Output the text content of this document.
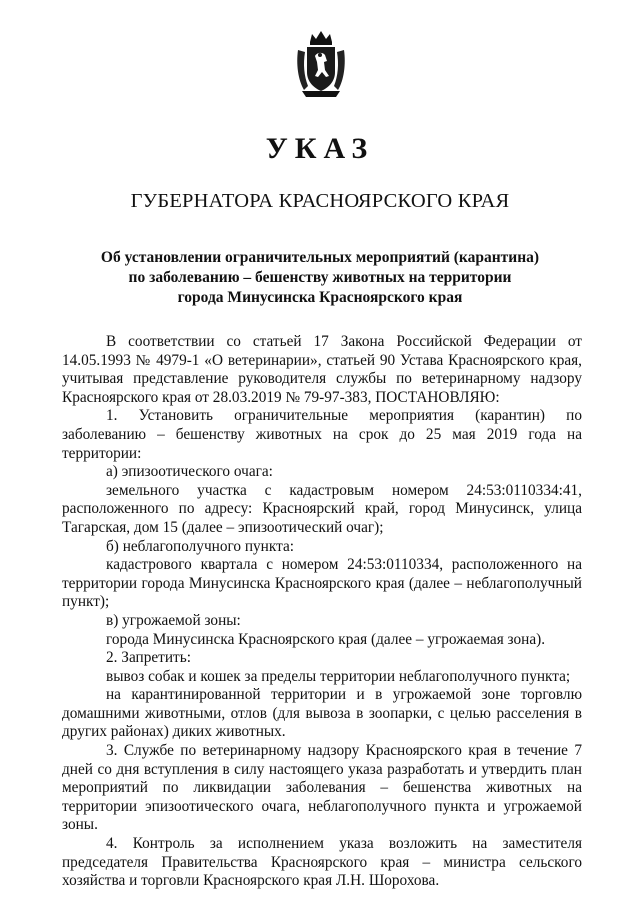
УКАЗ
ГУБЕРНАТОРА КРАСНОЯРСКОГО КРАЯ
Об установлении ограничительных мероприятий (карантина)
по заболеванию – бешенству животных на территории
города Минусинска Красноярского края

В соответствии со статьей 17 Закона Российской Федерации от 14.05.1993 № 4979-1 «О ветеринарии», статьей 90 Устава Красноярского края, учитывая представление руководителя службы по ветеринарному надзору Красноярского края от 28.03.2019 № 79-97-383, ПОСТАНОВЛЯЮ:

1. Установить ограничительные мероприятия (карантин) по заболеванию – бешенству животных на срок до 25 мая 2019 года на территории:

а) эпизоотического очага:

земельного участка с кадастровым номером 24:53:0110334:41, расположенного по адресу: Красноярский край, город Минусинск, улица Тагарская, дом 15 (далее – эпизоотический очаг);

б) неблагополучного пункта:

кадастрового квартала с номером 24:53:0110334, расположенного на территории города Минусинска Красноярского края (далее – неблагополучный пункт);

в) угрожаемой зоны:

города Минусинска Красноярского края (далее – угрожаемая зона).

2. Запретить:

вывоз собак и кошек за пределы территории неблагополучного пункта;

на карантинированной территории и в угрожаемой зоне торговлю домашними животными, отлов (для вывоза в зоопарки, с целью расселения в других районах) диких животных.

3. Службе по ветеринарному надзору Красноярского края в течение 7 дней со дня вступления в силу настоящего указа разработать и утвердить план мероприятий по ликвидации заболевания – бешенства животных на территории эпизоотического очага, неблагополучного пункта и угрожаемой зоны.

4. Контроль за исполнением указа возложить на заместителя председателя Правительства Красноярского края – министра сельского хозяйства и торговли Красноярского края Л.Н. Шорохова.
